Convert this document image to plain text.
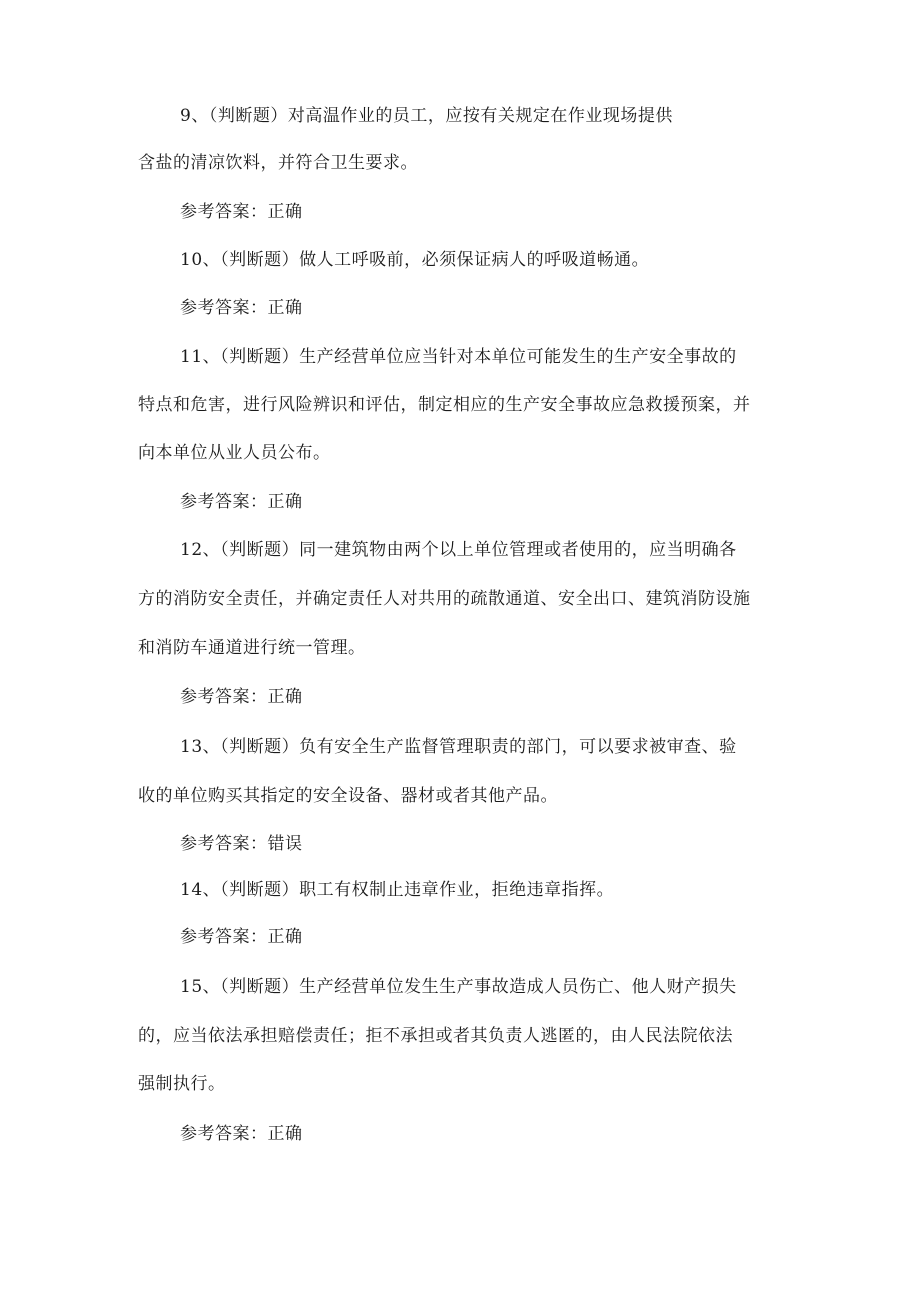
9、（判断题）对高温作业的员工，应按有关规定在作业现场提供
含盐的清凉饮料，并符合卫生要求。
参考答案：正确
10、（判断题）做人工呼吸前，必须保证病人的呼吸道畅通。
参考答案：正确
11、（判断题）生产经营单位应当针对本单位可能发生的生产安全事故的
特点和危害，进行风险辨识和评估，制定相应的生产安全事故应急救援预案，并
向本单位从业人员公布。
参考答案：正确
12、（判断题）同一建筑物由两个以上单位管理或者使用的，应当明确各
方的消防安全责任，并确定责任人对共用的疏散通道、安全出口、建筑消防设施
和消防车通道进行统一管理。
参考答案：正确
13、（判断题）负有安全生产监督管理职责的部门，可以要求被审查、验
收的单位购买其指定的安全设备、器材或者其他产品。
参考答案：错误
14、（判断题）职工有权制止违章作业，拒绝违章指挥。
参考答案：正确
15、（判断题）生产经营单位发生生产事故造成人员伤亡、他人财产损失
的，应当依法承担赔偿责任；拒不承担或者其负责人逃匿的，由人民法院依法
强制执行。
参考答案：正确
